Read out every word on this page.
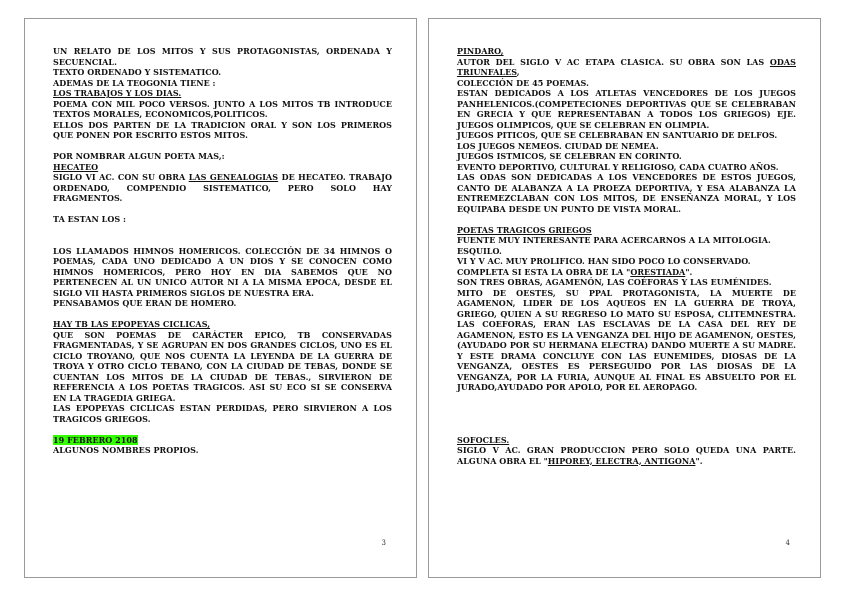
UN RELATO DE LOS MITOS Y SUS PROTAGONISTAS, ORDENADA Y SECUENCIAL.

TEXTO ORDENADO Y SISTEMATICO.

ADEMAS DE LA TEOGONIA TIENE :

LOS TRABAJOS Y LOS DIAS.

POEMA CON MIL POCO VERSOS. JUNTO A LOS MITOS TB INTRODUCE TEXTOS MORALES, ECONOMICOS,POLITICOS.

ELLOS DOS PARTEN DE LA TRADICION ORAL Y SON LOS PRIMEROS QUE PONEN POR ESCRITO ESTOS MITOS.

POR NOMBRAR ALGUN POETA MAS,:

HECATEO

SIGLO VI AC. CON SU OBRA LAS GENEALOGIAS DE HECATEO. TRABAJO ORDENADO, COMPENDIO SISTEMATICO, PERO SOLO HAY FRAGMENTOS.

TA ESTAN LOS :

LOS LLAMADOS HIMNOS HOMERICOS. COLECCIÓN DE 34 HIMNOS O POEMAS, CADA UNO DEDICADO A UN DIOS Y SE CONOCEN COMO HIMNOS HOMERICOS, PERO HOY EN DIA SABEMOS QUE NO PERTENECEN AL UN UNICO AUTOR NI A LA MISMA EPOCA, DESDE EL SIGLO VII HASTA PRIMEROS SIGLOS DE NUESTRA ERA.

PENSABAMOS QUE ERAN DE HOMERO.

HAY TB LAS EPOPEYAS CICLICAS,

QUE SON POEMAS DE CARÁCTER EPICO, TB CONSERVADAS FRAGMENTADAS, Y SE AGRUPAN EN DOS GRANDES CICLOS, UNO ES EL CICLO TROYANO, QUE NOS CUENTA LA LEYENDA DE LA GUERRA DE TROYA Y OTRO CICLO TEBANO, CON LA CIUDAD DE TEBAS, DONDE SE CUENTAN LOS MITOS DE LA CIUDAD DE TEBAS., SIRVIERON DE REFERENCIA A LOS POETAS TRAGICOS. ASI SU ECO SI SE CONSERVA EN LA TRAGEDIA GRIEGA.

LAS EPOPEYAS CICLICAS ESTAN PERDIDAS, PERO SIRVIERON A LOS TRAGICOS GRIEGOS.

19 FEBRERO 2108

ALGUNOS NOMBRES PROPIOS.

3

PINDARO,

AUTOR DEL SIGLO V AC ETAPA CLASICA. SU OBRA SON LAS ODAS TRIUNFALES,

COLECCIÓN DE 45 POEMAS.

ESTAN DEDICADOS A LOS ATLETAS VENCEDORES DE LOS JUEGOS PANHELENICOS.(COMPETECIONES DEPORTIVAS QUE SE CELEBRABAN EN GRECIA Y QUE REPRESENTABAN A TODOS LOS GRIEGOS) EJE. JUEGOS OLIMPICOS, QUE SE CELEBRAN EN OLIMPIA.

JUEGOS PITICOS, QUE SE CELEBRABAN EN SANTUARIO DE DELFOS.

LOS JUEGOS NEMEOS. CIUDAD DE NEMEA.

JUEGOS ISTMICOS, SE CELEBRAN EN CORINTO.

EVENTO DEPORTIVO, CULTURAL Y RELIGIOSO, CADA CUATRO AÑOS.

LAS ODAS SON DEDICADAS A LOS VENCEDORES DE ESTOS JUEGOS, CANTO DE ALABANZA A LA PROEZA DEPORTIVA, Y ESA ALABANZA LA ENTREMEZCLABAN CON LOS MITOS, DE ENSEÑANZA MORAL, Y LOS EQUIPABA DESDE UN PUNTO DE VISTA MORAL.

POETAS TRAGICOS GRIEGOS

FUENTE MUY INTERESANTE PARA ACERCARNOS A LA MITOLOGIA.

ESQUILO.

VI Y V AC. MUY PROLIFICO. HAN SIDO POCO LO CONSERVADO.

COMPLETA SI ESTA LA OBRA DE LA "ORESTIADA".

SON TRES OBRAS, AGAMENÓN, LAS COÉFORAS Y LAS EUMÉNIDES.

MITO DE OESTES, SU PPAL PROTAGONISTA, LA MUERTE DE AGAMENON, LIDER DE LOS AQUEOS EN LA GUERRA DE TROYA, GRIEGO, QUIEN A SU REGRESO LO MATO SU ESPOSA, CLITEMNESTRA. LAS COEFORAS, ERAN LAS ESCLAVAS DE LA CASA DEL REY DE AGAMENON, ESTO ES LA VENGANZA DEL HIJO DE AGAMENON, OESTES, (AYUDADO POR SU HERMANA ELECTRA) DANDO MUERTE A SU MADRE. Y ESTE DRAMA CONCLUYE CON LAS EUNEMIDES, DIOSAS DE LA VENGANZA, OESTES ES PERSEGUIDO POR LAS DIOSAS DE LA VENGANZA, POR LA FURIA, AUNQUE AL FINAL ES ABSUELTO POR EL JURADO,AYUDADO POR APOLO, POR EL AEROPAGO.

SOFOCLES.

SIGLO V AC. GRAN PRODUCCION PERO SOLO QUEDA UNA PARTE. ALGUNA OBRA EL "HIPOREY, ELECTRA, ANTIGONA".

4
